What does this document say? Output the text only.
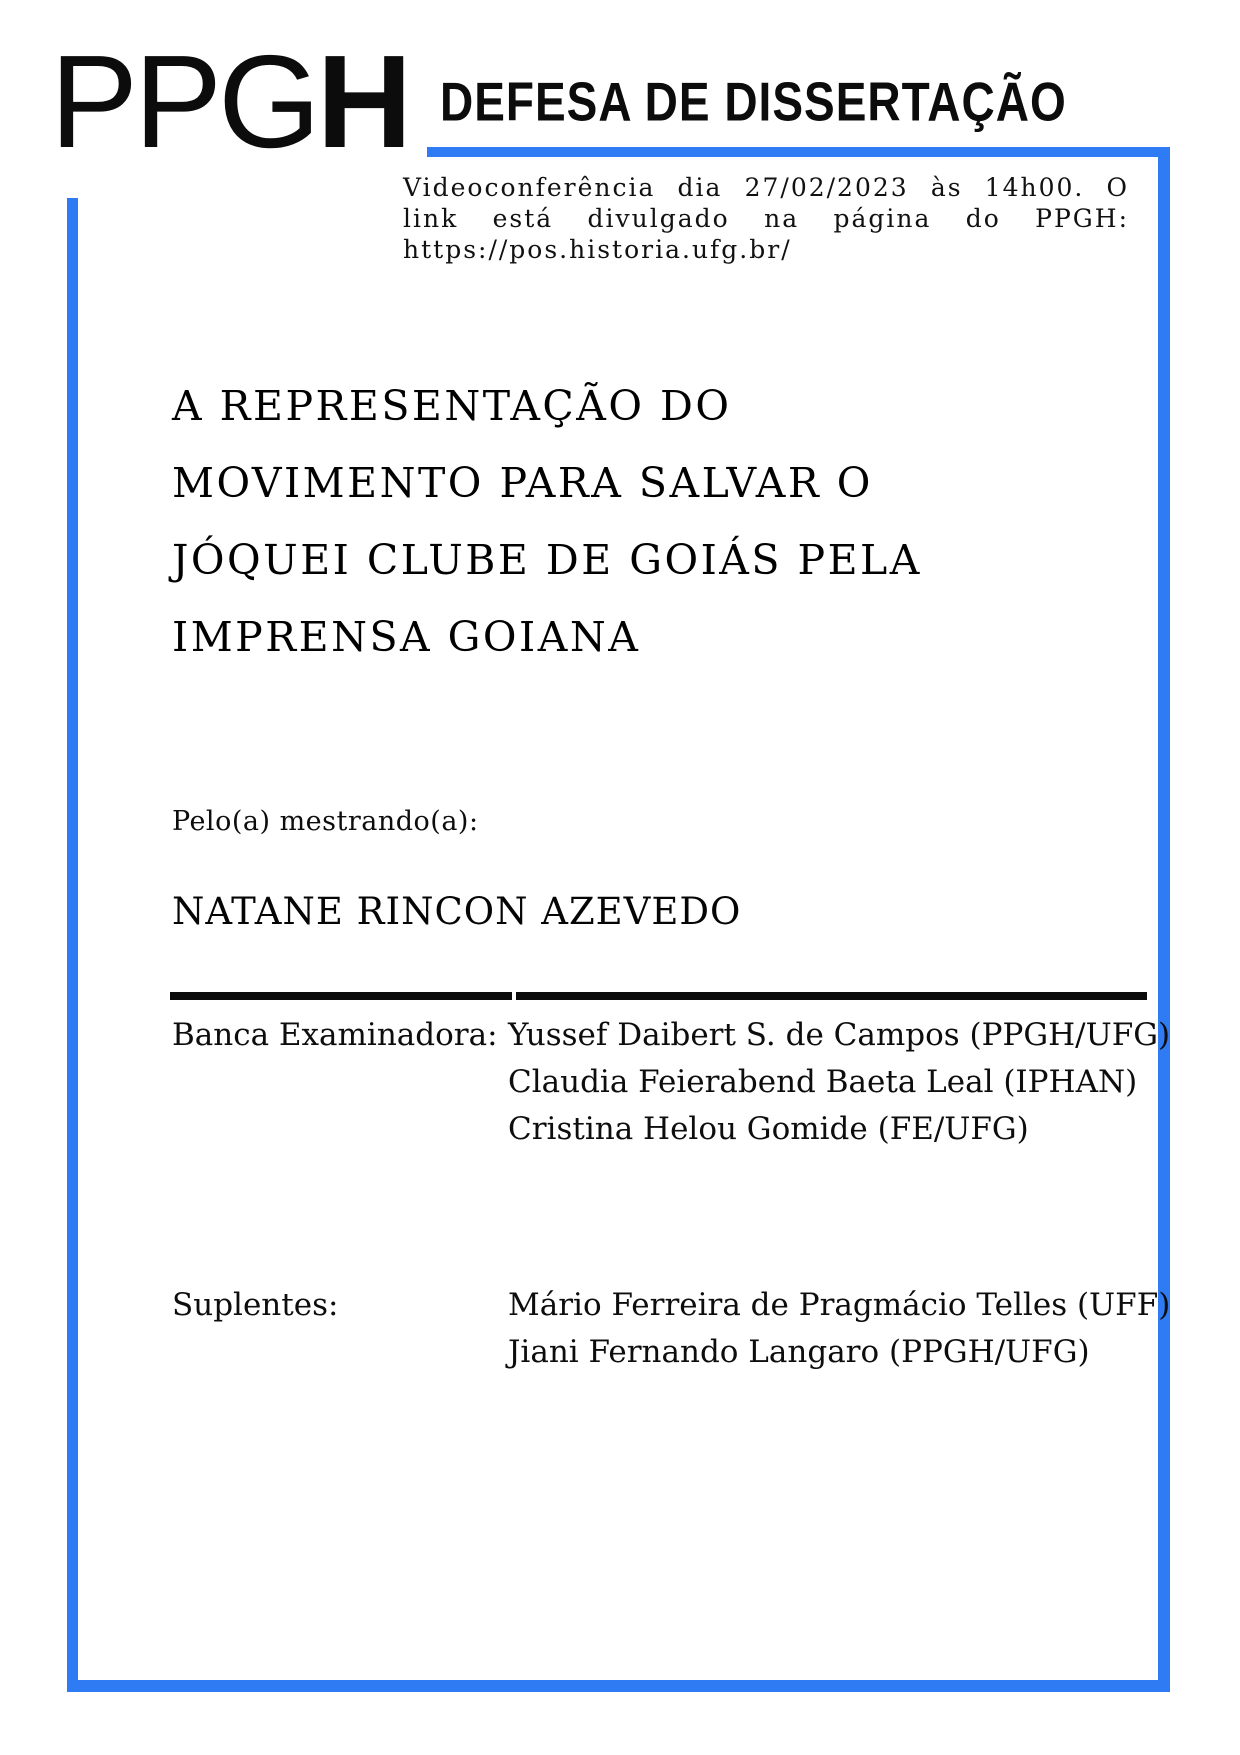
PPGH DEFESA DE DISSERTAÇÃO

Videoconferência dia 27/02/2023 às 14h00. O link está divulgado na página do PPGH: https://pos.historia.ufg.br/

A REPRESENTAÇÃO DO
MOVIMENTO PARA SALVAR O
JÓQUEI CLUBE DE GOIÁS PELA
IMPRENSA GOIANA
Pelo(a) mestrando(a):
NATANE RINCON AZEVEDO
Banca Examinadora: Yussef Daibert S. de Campos (PPGH/UFG)
Claudia Feierabend Baeta Leal (IPHAN)
Cristina Helou Gomide (FE/UFG)
Suplentes:	Mário Ferreira de Pragmácio Telles (UFF)
Jiani Fernando Langaro (PPGH/UFG)
